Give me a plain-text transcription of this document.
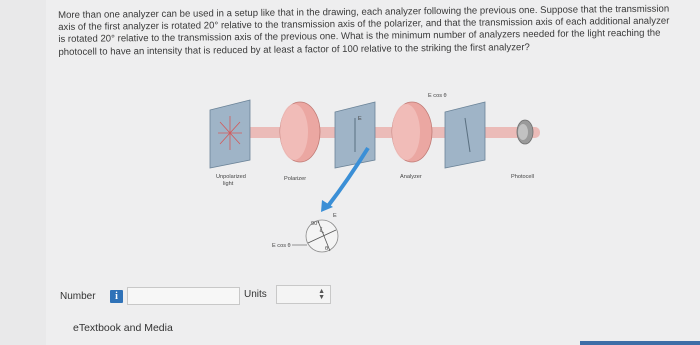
More than one analyzer can be used in a setup like that in the drawing, each analyzer following the previous one. Suppose that the transmission axis of the first analyzer is rotated 20° relative to the transmission axis of the polarizer, and that the transmission axis of each additional analyzer is rotated 20° relative to the transmission axis of the previous one. What is the minimum number of analyzers needed for the light reaching the photocell to have an intensity that is reduced by at least a factor of 100 relative to the striking the first analyzer?
E
E cos θ
Unpolarized
light
Polarizer	Analyzer	Photocell
90°
E
θ
E cos θ
Number	i	Units	▲
▼
eTextbook and Media
